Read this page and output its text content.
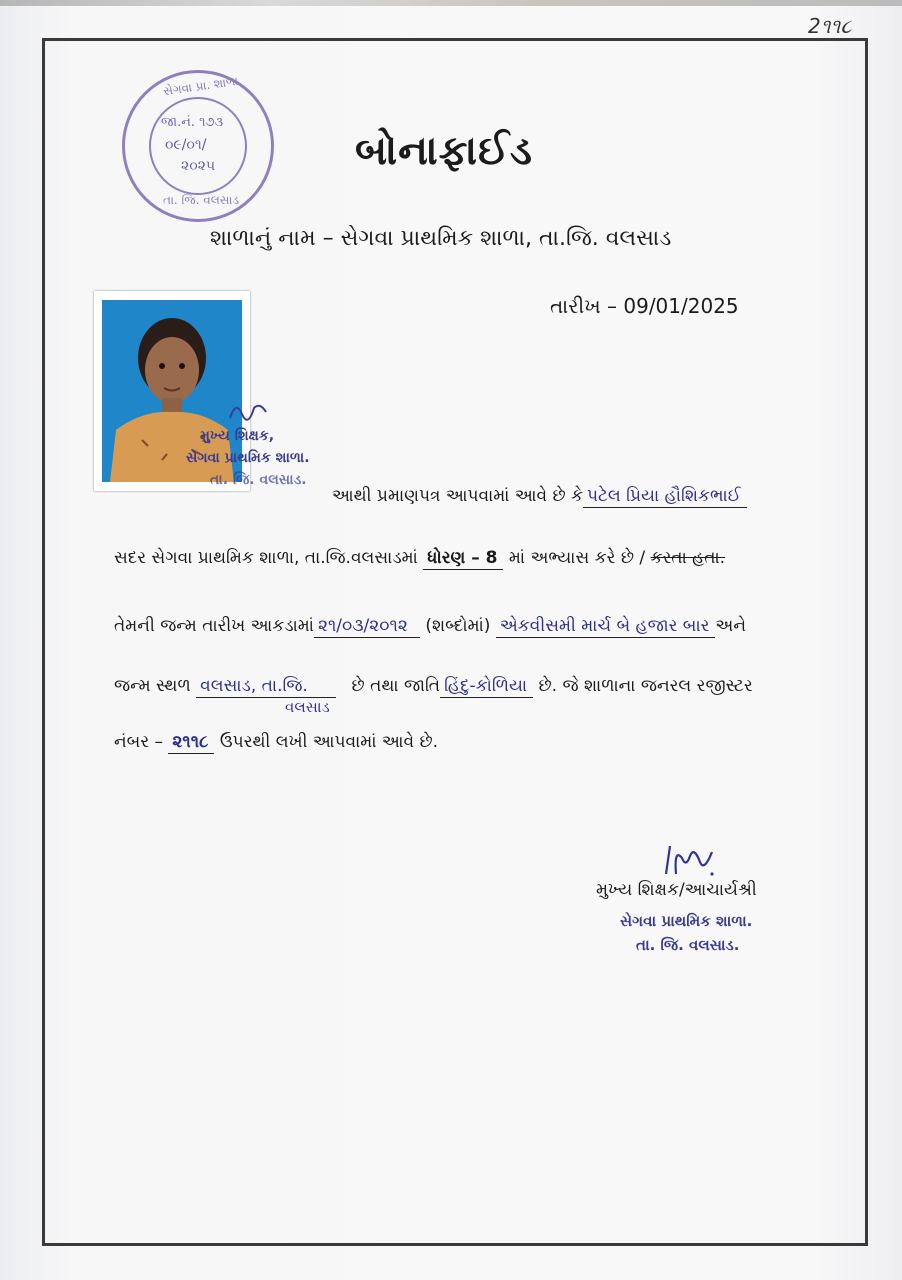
2૧૧૮
સેગવા પ્રા. શાળા
જા.નં. ૧૭૩
૦૯/૦૧/
૨૦૨૫
તા. જિ. વલસાડ
બોનાફાઈડ
શાળાનું નામ – સેગવા પ્રાથમિક શાળા, તા.જિ. વલસાડ
તારીખ – 09/01/2025
મુખ્ય શિક્ષક,
સેગવા પ્રાથમિક શાળા.
તા. જિ. વલસાડ.
આથી પ્રમાણપત્ર આપવામાં આવે છે કે પટેલ પ્રિયા હૌશિકભાઈ
સદર સેગવા પ્રાથમિક શાળા, તા.જિ.વલસાડમાં ધોરણ – 8 માં અભ્યાસ કરે છે / કરતા હતા.
તેમની જન્મ તારીખ આકડામાં ૨૧/૦૩/૨૦૧૨ (શબ્દોમાં) એકવીસમી માર્ચ બે હજાર બાર અને
જન્મ સ્થળ વલસાડ, તા.જિ.	છે તથા જાતિ હિંદુ-કોળિયા છે. જે શાળાના જનરલ રજીસ્ટર
વલસાડ
નંબર – ૨૧૧૮ ઉપરથી લખી આપવામાં આવે છે.
મુખ્ય શિક્ષક/આચાર્યશ્રી
સેગવા પ્રાથમિક શાળા.
તા. જિ. વલસાડ.
